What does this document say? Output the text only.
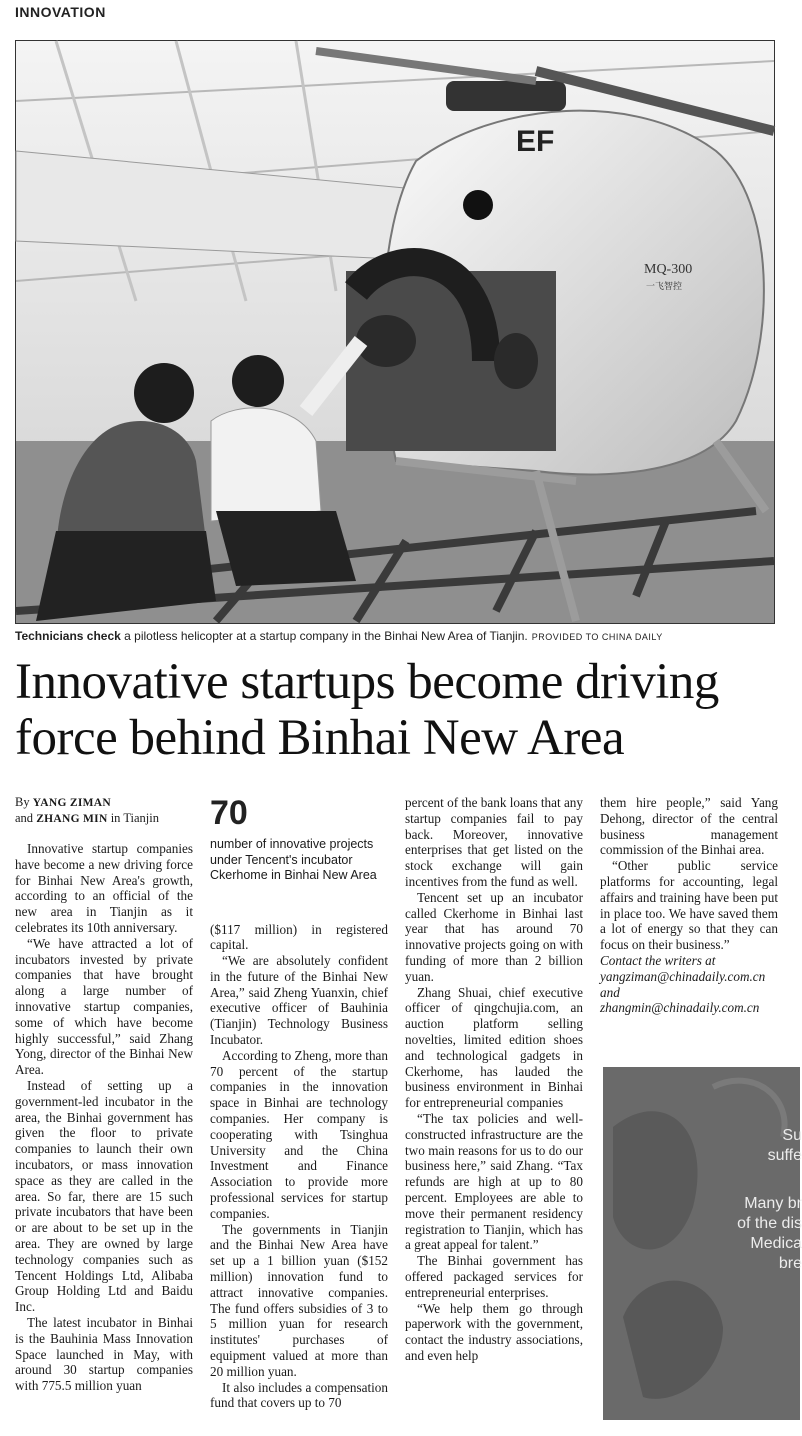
INNOVATION
EF
MQ-300
一飞智控
Technicians check a pilotless helicopter at a startup company in the Binhai New Area of Tianjin. PROVIDED TO CHINA DAILY
Innovative startups become driving force behind Binhai New Area
By YANG ZIMAN
and ZHANG MIN in Tianjin

Innovative startup companies have become a new driving force for Binhai New Area's growth, according to an official of the new area in Tianjin as it celebrates its 10th anniversary.

“We have attracted a lot of incubators invested by private companies that have brought along a large number of innovative startup companies, some of which have become highly successful,” said Zhang Yong, director of the Binhai New Area.

Instead of setting up a government-led incubator in the area, the Binhai government has given the floor to private companies to launch their own incubators, or mass innovation space as they are called in the area. So far, there are 15 such private incubators that have been or are about to be set up in the area. They are owned by large technology companies such as Tencent Holdings Ltd, Alibaba Group Holding Ltd and Baidu Inc.

The latest incubator in Binhai is the Bauhinia Mass Innovation Space launched in May, with around 30 startup companies with 775.5 million yuan

70
number of innovative projects under Tencent's incubator Ckerhome in Binhai New Area

($117 million) in registered capital.

“We are absolutely confident in the future of the Binhai New Area,” said Zheng Yuanxin, chief executive officer of Bauhinia (Tianjin) Technology Business Incubator.

According to Zheng, more than 70 percent of the startup companies in the innovation space in Binhai are technology companies. Her company is cooperating with Tsinghua University and the China Investment and Finance Association to provide more professional services for startup companies.

The governments in Tianjin and the Binhai New Area have set up a 1 billion yuan ($152 million) innovation fund to attract innovative companies. The fund offers subsidies of 3 to 5 million yuan for research institutes' purchases of equipment valued at more than 20 million yuan.

It also includes a compensation fund that covers up to 70

percent of the bank loans that any startup companies fail to pay back. Moreover, innovative enterprises that get listed on the stock exchange will gain incentives from the fund as well.

Tencent set up an incubator called Ckerhome in Binhai last year that has around 70 innovative projects going on with funding of more than 2 billion yuan.

Zhang Shuai, chief executive officer of qingchujia.com, an auction platform selling novelties, limited edition shoes and technological gadgets in Ckerhome, has lauded the business environment in Binhai for entrepreneurial companies

“The tax policies and well-constructed infrastructure are the two main reasons for us to do our business here,” said Zhang. “Tax refunds are high at up to 80 percent. Employees are able to move their permanent residency registration to Tianjin, which has a great appeal for talent.”

The Binhai government has offered packaged services for entrepreneurial enterprises.

“We help them go through paperwork with the government, contact the industry associations, and even help

them hire people,” said Yang Dehong, director of the central business management commission of the Binhai area.

“Other public service platforms for accounting, legal affairs and training have been put in place too. We have saved them a lot of energy so that they can focus on their business.”

Contact the writers at yangziman@chinadaily.com.cn and zhangmin@chinadaily.com.cn

Su
suffe
Many br
of the dis
Medica
bre
